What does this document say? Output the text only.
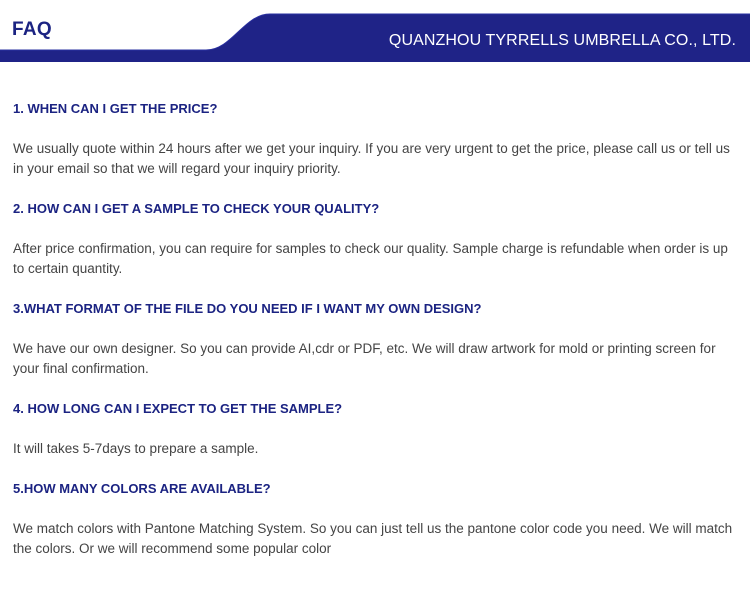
FAQ
QUANZHOU TYRRELLS UMBRELLA CO., LTD.

1. WHEN CAN I GET THE PRICE?

We usually quote within 24 hours after we get your inquiry. If you are very urgent to get the price, please call us or tell us in your email so that we will regard your inquiry priority.

2. HOW CAN I GET A SAMPLE TO CHECK YOUR QUALITY?

After price confirmation, you can require for samples to check our quality. Sample charge is refundable when order is up to certain quantity.

3.WHAT FORMAT OF THE FILE DO YOU NEED IF I WANT MY OWN DESIGN?

We have our own designer. So you can provide AI,cdr or PDF, etc. We will draw artwork for mold or printing screen for your final confirmation.

4. HOW LONG CAN I EXPECT TO GET THE SAMPLE?

It will takes 5-7days to prepare a sample.

5.HOW MANY COLORS ARE AVAILABLE?

We match colors with Pantone Matching System. So you can just tell us the pantone color code you need. We will match the colors. Or we will recommend some popular color
